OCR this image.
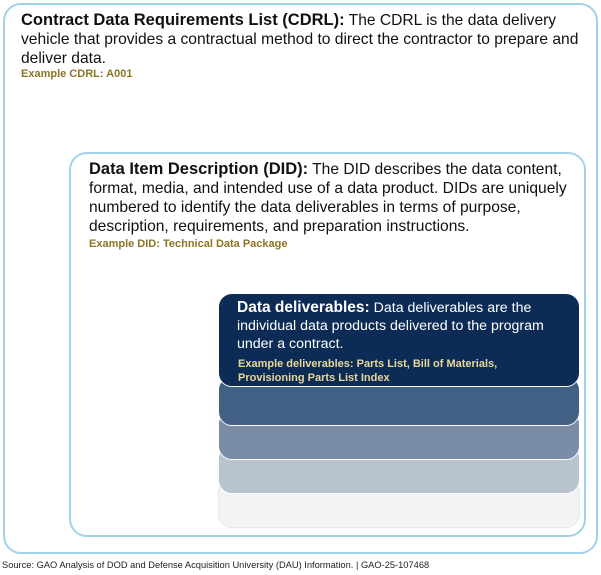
Contract Data Requirements List (CDRL): The CDRL is the data delivery vehicle that provides a contractual method to direct the contractor to prepare and deliver data.

Example CDRL: A001

Data Item Description (DID): The DID describes the data content, format, media, and intended use of a data product. DIDs are uniquely numbered to identify the data deliverables in terms of purpose, description, requirements, and preparation instructions.

Example DID: Technical Data Package

Data deliverables: Data deliverables are the individual data products delivered to the program under a contract.

Example deliverables: Parts List, Bill of Materials,
Provisioning Parts List Index
Source: GAO Analysis of DOD and Defense Acquisition University (DAU) Information. | GAO-25-107468
